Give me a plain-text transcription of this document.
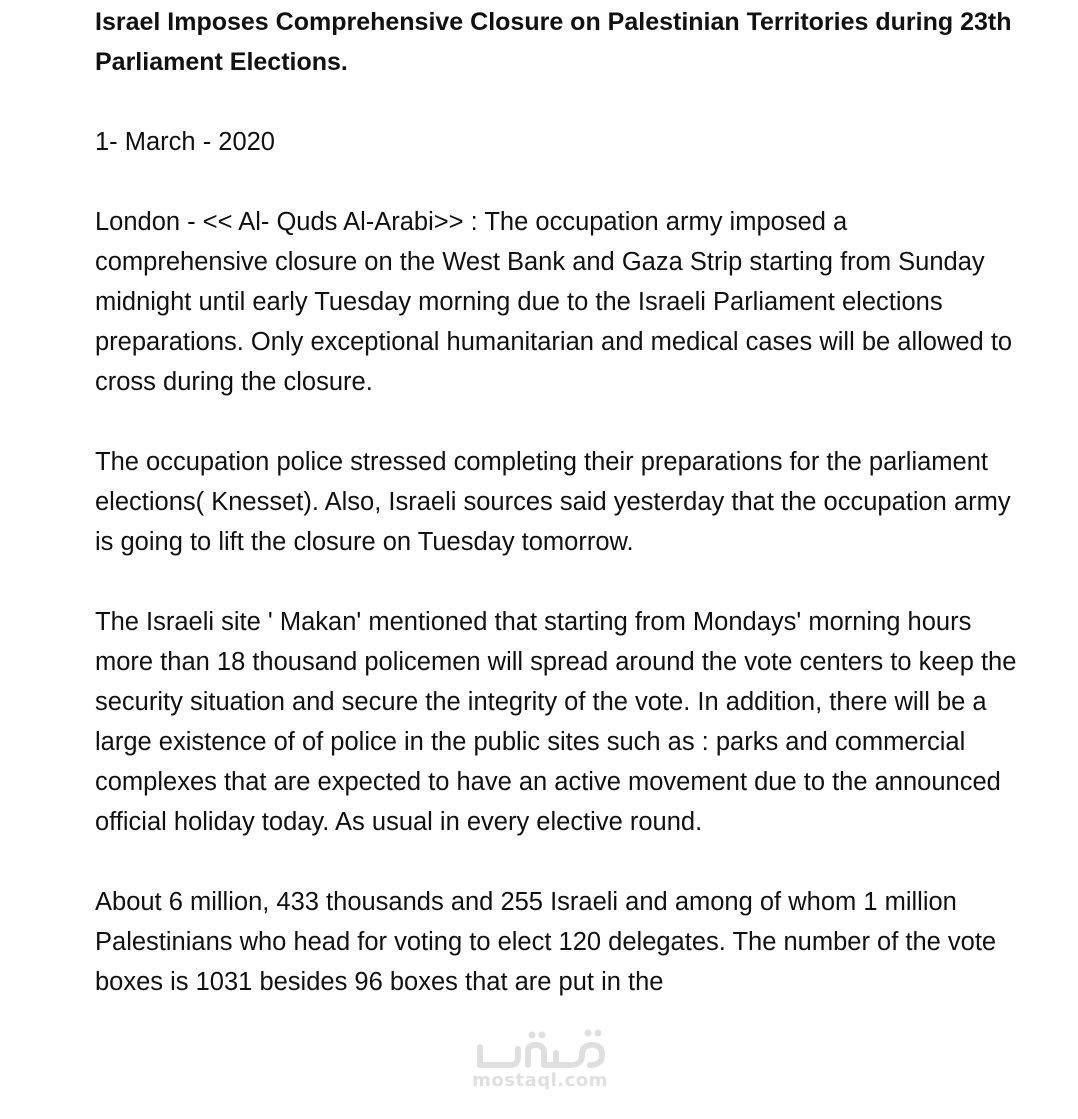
Israel Imposes Comprehensive Closure on Palestinian Territories during 23th Parliament Elections.

1- March - 2020

London - << Al- Quds Al-Arabi>> : The occupation army imposed a comprehensive closure on the West Bank and Gaza Strip starting from Sunday midnight until early Tuesday morning due to the Israeli Parliament elections preparations. Only exceptional humanitarian and medical cases will be allowed to cross during the closure.

The occupation police stressed completing their preparations for the parliament elections( Knesset). Also, Israeli sources said yesterday that the occupation army is going to lift the closure on Tuesday tomorrow.

The Israeli site ' Makan' mentioned that starting from Mondays' morning hours more than 18 thousand policemen will spread around the vote centers to keep the security situation and secure the integrity of the vote. In addition, there will be a large existence of of police in the public sites such as : parks and commercial complexes that are expected to have an active movement due to the announced official holiday today. As usual in every elective round.

About 6 million, 433 thousands and 255 Israeli and among of whom 1 million Palestinians who head for voting to elect 120 delegates. The number of the vote boxes is 1031 besides 96 boxes that are put in the

mostaql.com
